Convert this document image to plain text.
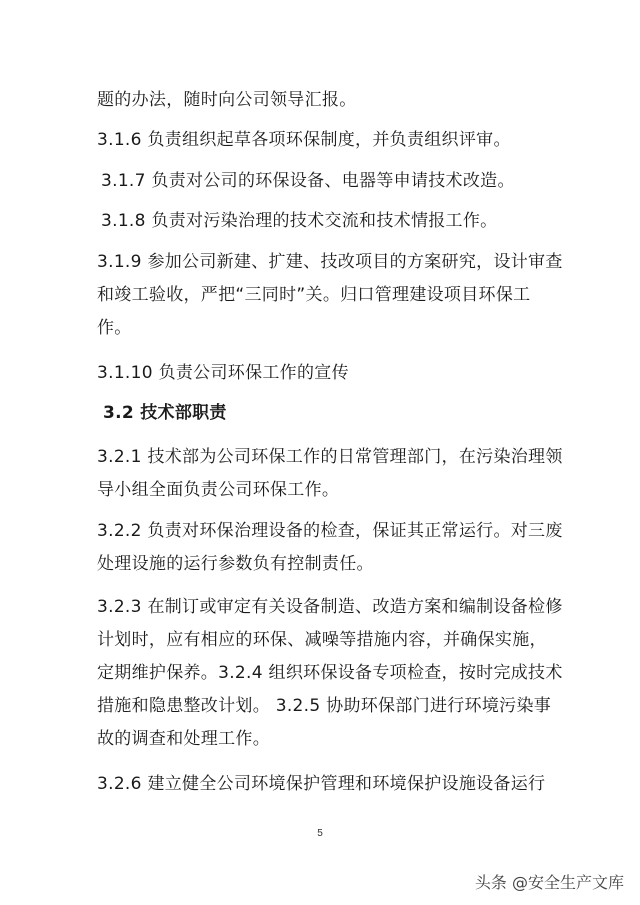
题的办法，随时向公司领导汇报。

3.1.6 负责组织起草各项环保制度，并负责组织评审。

3.1.7 负责对公司的环保设备、电器等申请技术改造。

3.1.8 负责对污染治理的技术交流和技术情报工作。

3.1.9 参加公司新建、扩建、技改项目的方案研究，设计审查
和竣工验收，严把“三同时”关。归口管理建设项目环保工
作。

3.1.10 负责公司环保工作的宣传

3.2 技术部职责

3.2.1 技术部为公司环保工作的日常管理部门，在污染治理领
导小组全面负责公司环保工作。

3.2.2 负责对环保治理设备的检查，保证其正常运行。对三废
处理设施的运行参数负有控制责任。

3.2.3 在制订或审定有关设备制造、改造方案和编制设备检修
计划时，应有相应的环保、减噪等措施内容，并确保实施，
定期维护保养。3.2.4 组织环保设备专项检查，按时完成技术
措施和隐患整改计划。 3.2.5 协助环保部门进行环境污染事
故的调查和处理工作。

3.2.6 建立健全公司环境保护管理和环境保护设施设备运行

5
头条 @安全生产文库
